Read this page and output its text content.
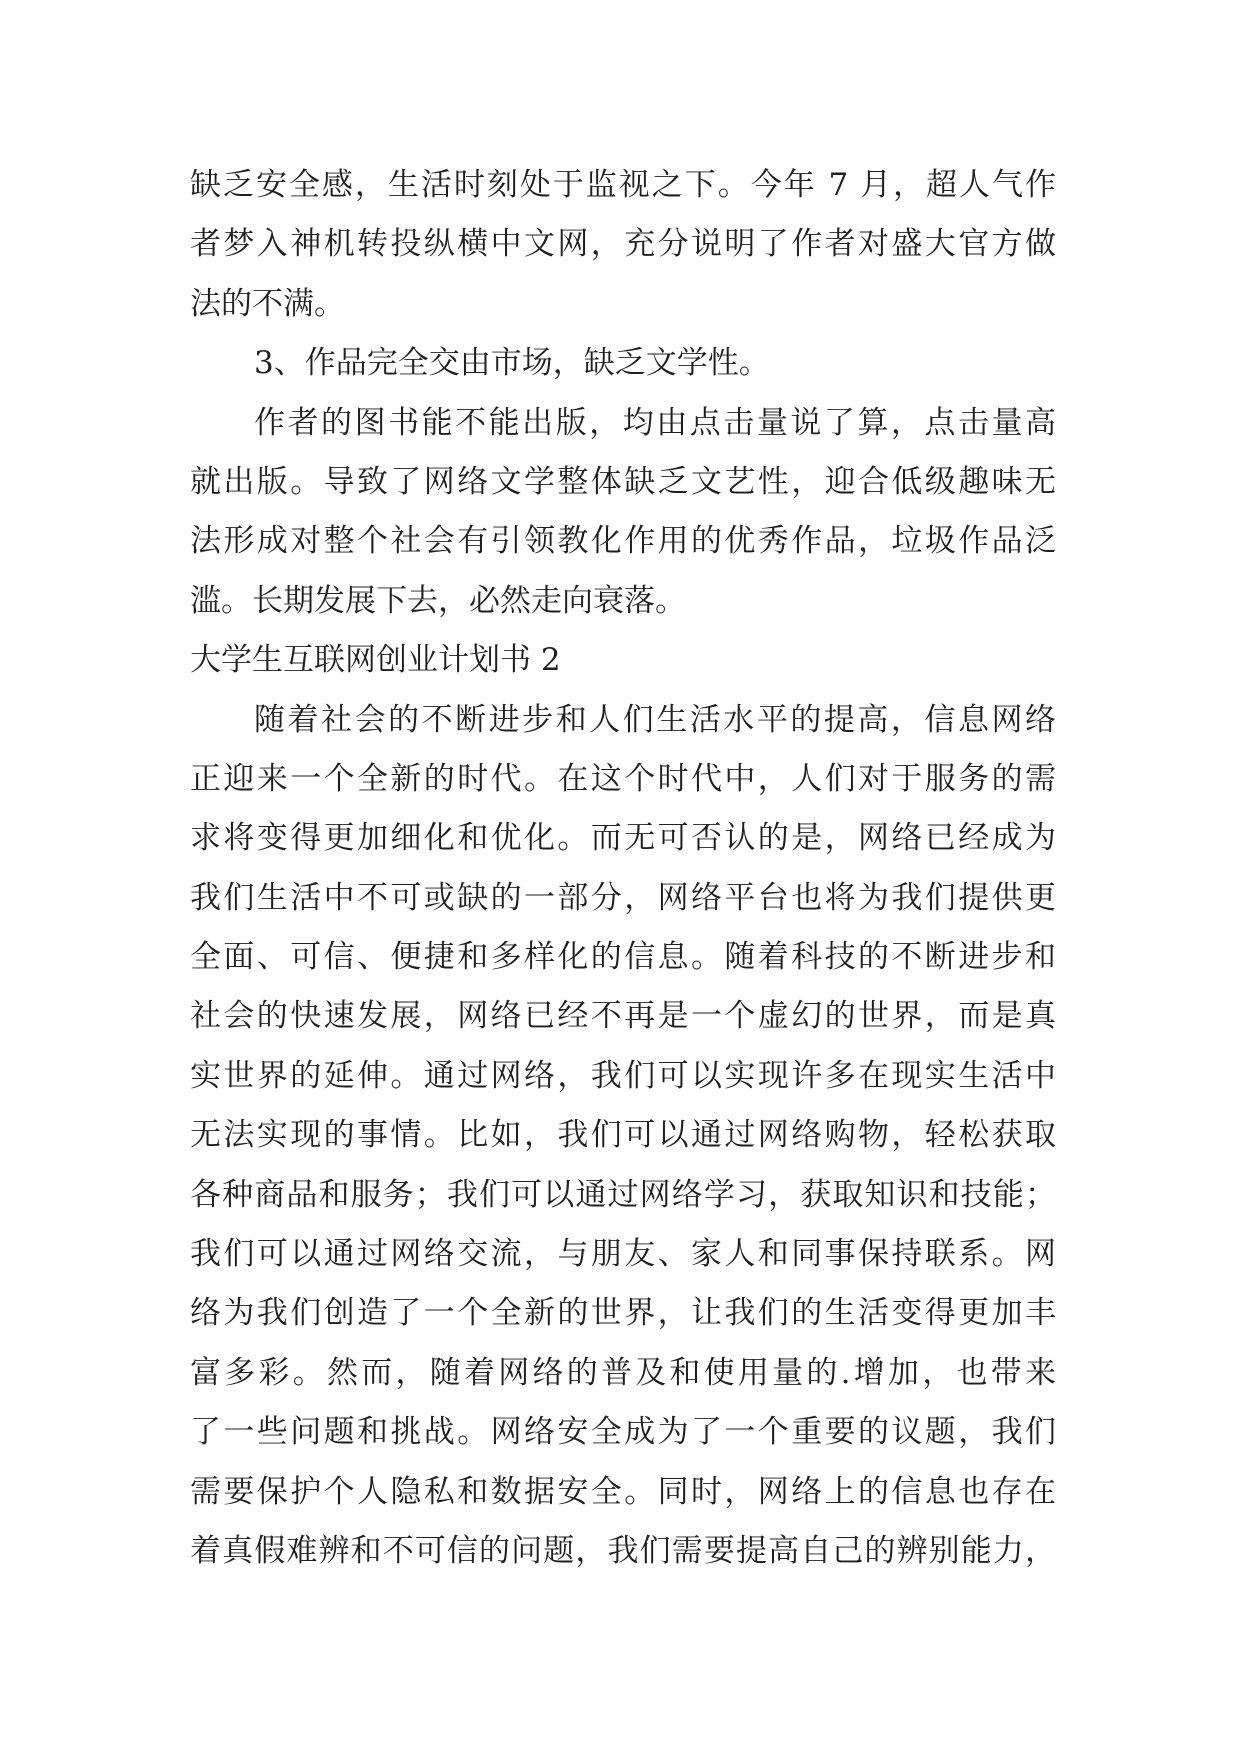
缺乏安全感，生活时刻处于监视之下。今年 7 月，超人气作
者梦入神机转投纵横中文网，充分说明了作者对盛大官方做
法的不满。
3、作品完全交由市场，缺乏文学性。
作者的图书能不能出版，均由点击量说了算，点击量高
就出版。导致了网络文学整体缺乏文艺性，迎合低级趣味无
法形成对整个社会有引领教化作用的优秀作品，垃圾作品泛
滥。长期发展下去，必然走向衰落。
大学生互联网创业计划书 2
随着社会的不断进步和人们生活水平的提高，信息网络
正迎来一个全新的时代。在这个时代中，人们对于服务的需
求将变得更加细化和优化。而无可否认的是，网络已经成为
我们生活中不可或缺的一部分，网络平台也将为我们提供更
全面、可信、便捷和多样化的信息。随着科技的不断进步和
社会的快速发展，网络已经不再是一个虚幻的世界，而是真
实世界的延伸。通过网络，我们可以实现许多在现实生活中
无法实现的事情。比如，我们可以通过网络购物，轻松获取
各种商品和服务；我们可以通过网络学习，获取知识和技能；
我们可以通过网络交流，与朋友、家人和同事保持联系。网
络为我们创造了一个全新的世界，让我们的生活变得更加丰
富多彩。然而，随着网络的普及和使用量的.增加，也带来
了一些问题和挑战。网络安全成为了一个重要的议题，我们
需要保护个人隐私和数据安全。同时，网络上的信息也存在
着真假难辨和不可信的问题，我们需要提高自己的辨别能力，
